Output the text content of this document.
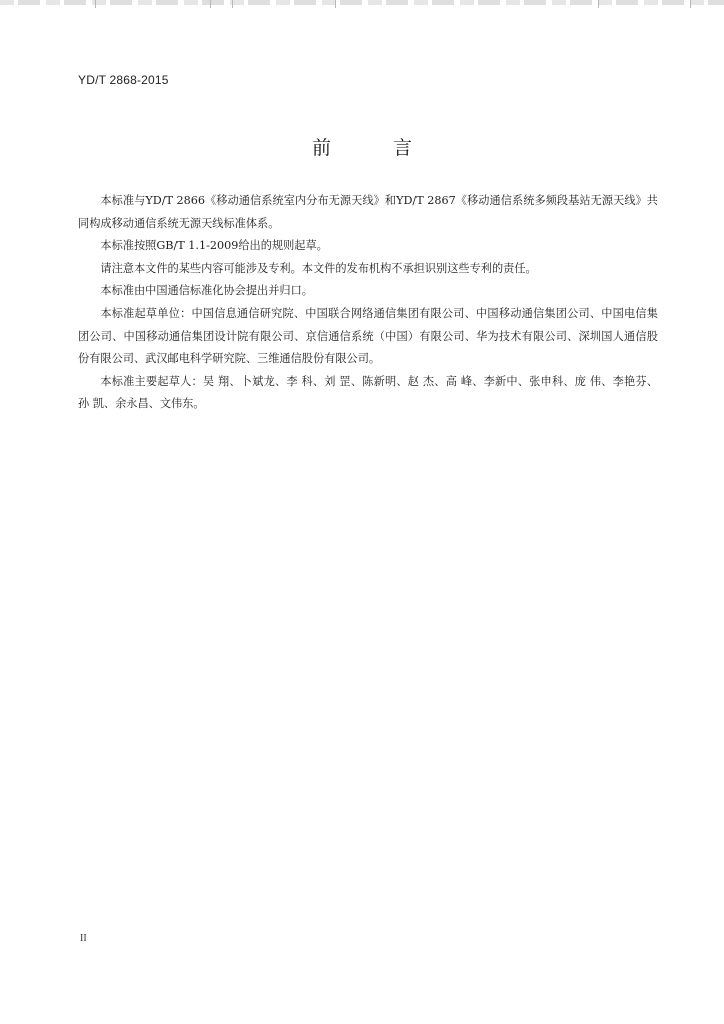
YD/T 2868-2015
前 言

本标准与YD/T 2866《移动通信系统室内分布无源天线》和YD/T 2867《移动通信系统多频段基站无源天线》共同构成移动通信系统无源天线标准体系。

本标准按照GB/T 1.1-2009给出的规则起草。

请注意本文件的某些内容可能涉及专利。本文件的发布机构不承担识别这些专利的责任。

本标准由中国通信标准化协会提出并归口。

本标准起草单位：中国信息通信研究院、中国联合网络通信集团有限公司、中国移动通信集团公司、中国电信集团公司、中国移动通信集团设计院有限公司、京信通信系统（中国）有限公司、华为技术有限公司、深圳国人通信股份有限公司、武汉邮电科学研究院、三维通信股份有限公司。

本标准主要起草人：吴 翔、卜斌龙、李 科、刘 罡、陈新明、赵 杰、高 峰、李新中、张申科、庞 伟、李艳芬、孙 凯、余永昌、文伟东。

II
